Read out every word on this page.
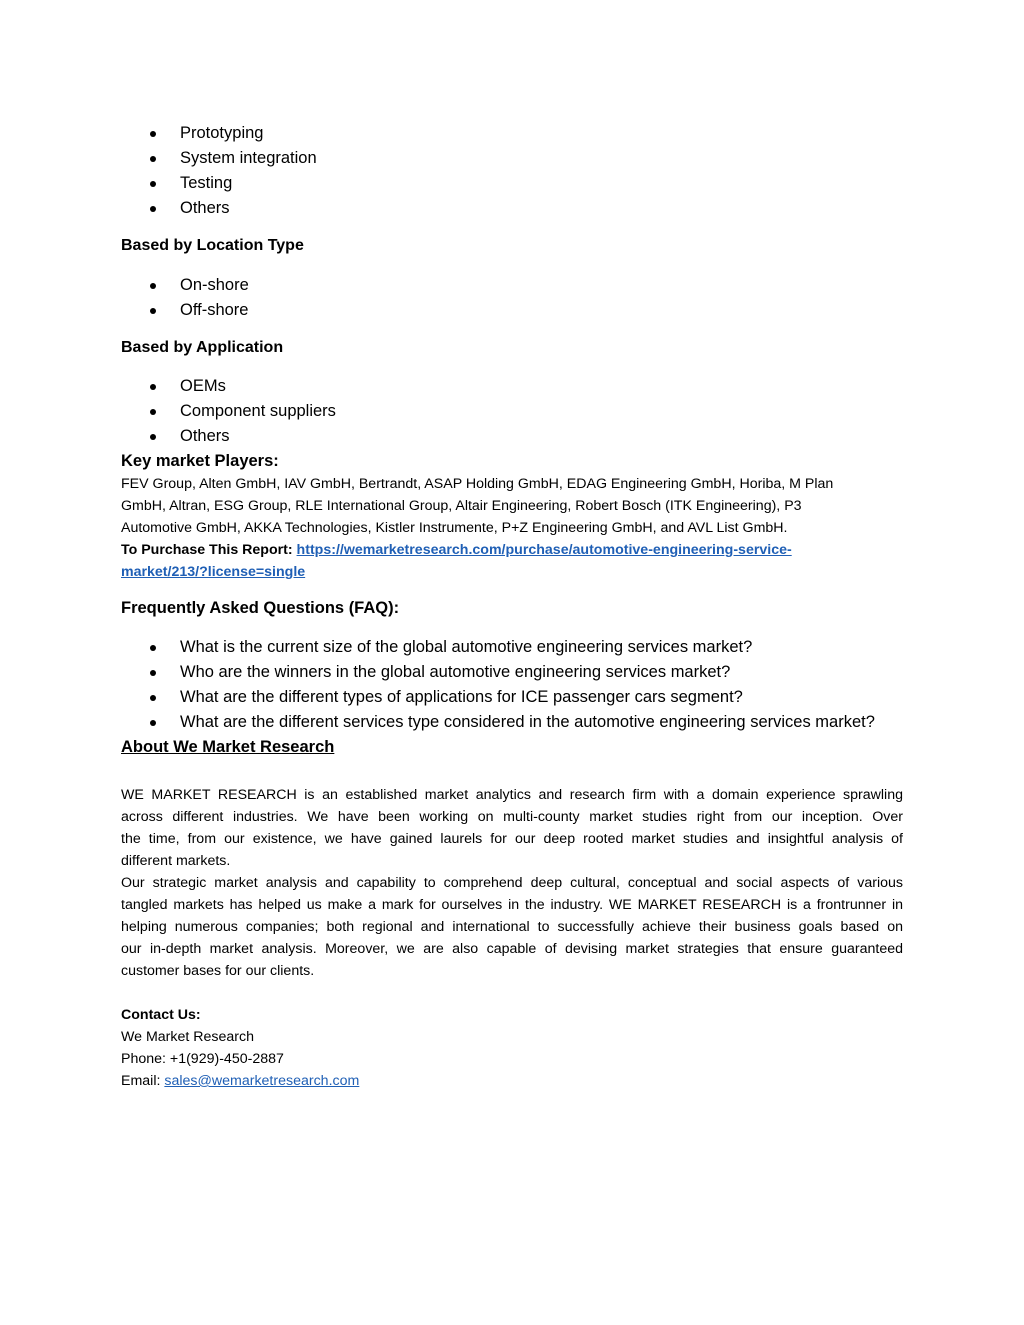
Prototyping
System integration
Testing
Others
Based by Location Type
On-shore
Off-shore
Based by Application
OEMs
Component suppliers
Others
Key market Players:
FEV Group, Alten GmbH, IAV GmbH, Bertrandt, ASAP Holding GmbH, EDAG Engineering GmbH, Horiba, M Plan
GmbH, Altran, ESG Group, RLE International Group, Altair Engineering, Robert Bosch (ITK Engineering), P3
Automotive GmbH, AKKA Technologies, Kistler Instrumente, P+Z Engineering GmbH, and AVL List GmbH.
To Purchase This Report: https://wemarketresearch.com/purchase/automotive-engineering-service-
market/213/?license=single
Frequently Asked Questions (FAQ):
What is the current size of the global automotive engineering services market?
Who are the winners in the global automotive engineering services market?
What are the different types of applications for ICE passenger cars segment?
What are the different services type considered in the automotive engineering services market?
About We Market Research
WE MARKET RESEARCH is an established market analytics and research firm with a domain experience sprawling
across different industries. We have been working on multi-county market studies right from our inception. Over
the time, from our existence, we have gained laurels for our deep rooted market studies and insightful analysis of
different markets.
Our strategic market analysis and capability to comprehend deep cultural, conceptual and social aspects of various
tangled markets has helped us make a mark for ourselves in the industry. WE MARKET RESEARCH is a frontrunner in
helping numerous companies; both regional and international to successfully achieve their business goals based on
our in-depth market analysis. Moreover, we are also capable of devising market strategies that ensure guaranteed
customer bases for our clients.
Contact Us:
We Market Research
Phone: +1(929)-450-2887
Email: sales@wemarketresearch.com
